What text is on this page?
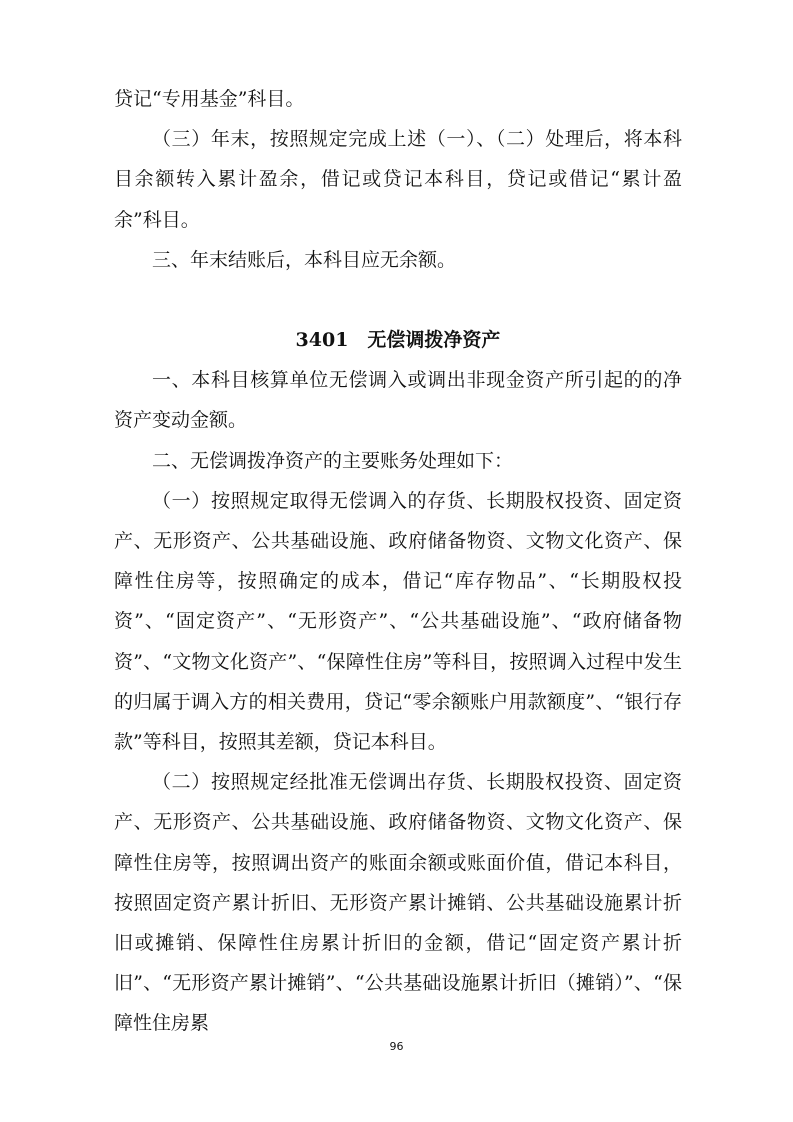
贷记“专用基金”科目。

（三）年末，按照规定完成上述（一）、（二）处理后，将本科目余额转入累计盈余，借记或贷记本科目，贷记或借记“累计盈余”科目。

三、年末结账后，本科目应无余额。

3401　无偿调拨净资产

一、本科目核算单位无偿调入或调出非现金资产所引起的的净资产变动金额。

二、无偿调拨净资产的主要账务处理如下：

（一）按照规定取得无偿调入的存货、长期股权投资、固定资产、无形资产、公共基础设施、政府储备物资、文物文化资产、保障性住房等，按照确定的成本，借记“库存物品”、“长期股权投资”、“固定资产”、“无形资产”、“公共基础设施”、“政府储备物资”、“文物文化资产”、“保障性住房”等科目，按照调入过程中发生的归属于调入方的相关费用，贷记“零余额账户用款额度”、“银行存款”等科目，按照其差额，贷记本科目。

（二）按照规定经批准无偿调出存货、长期股权投资、固定资产、无形资产、公共基础设施、政府储备物资、文物文化资产、保障性住房等，按照调出资产的账面余额或账面价值，借记本科目，按照固定资产累计折旧、无形资产累计摊销、公共基础设施累计折旧或摊销、保障性住房累计折旧的金额，借记“固定资产累计折旧”、“无形资产累计摊销”、“公共基础设施累计折旧（摊销）”、“保障性住房累

96
